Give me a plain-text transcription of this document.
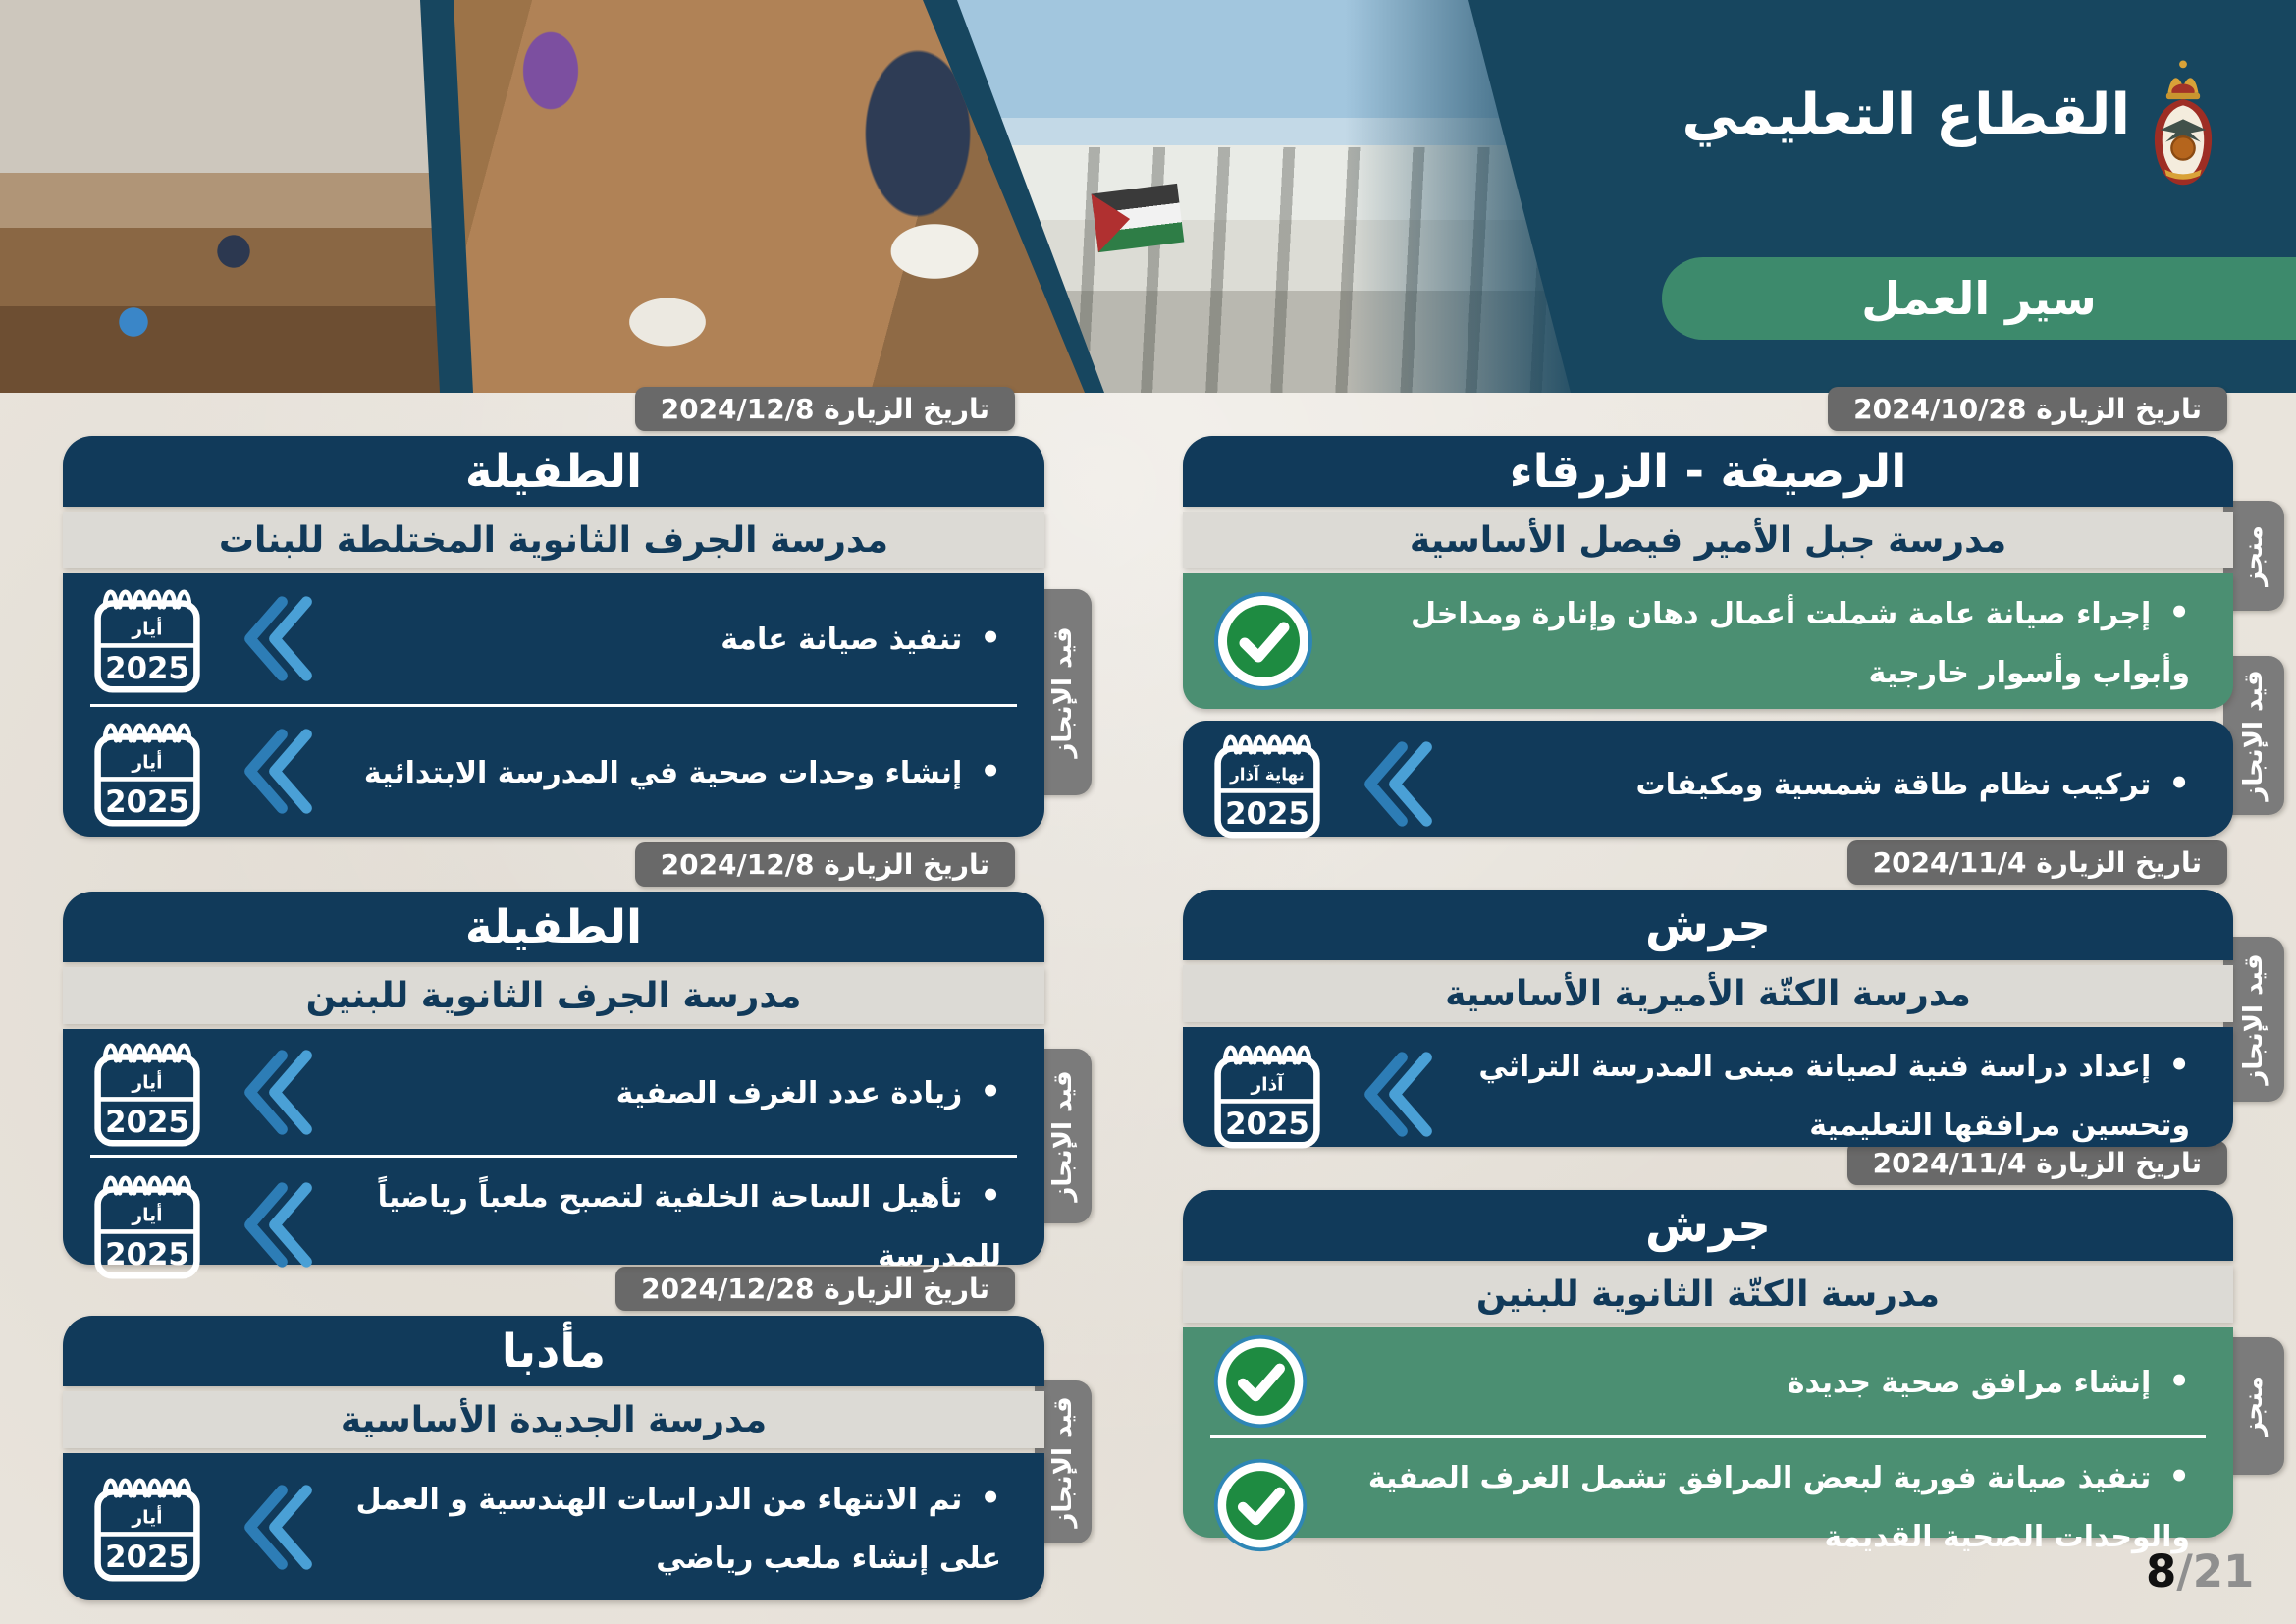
القطاع التعليمي
سير العمل
تاريخ الزيارة 2024/10/28
منجز
قيد الإنجاز
الرصيفة - الزرقاء
مدرسة جبل الأمير فيصل الأساسية
•إجراء صيانة عامة شملت أعمال دهان وإنارة ومداخل وأبواب وأسوار خارجية
•تركيب نظام طاقة شمسية ومكيفات
نهاية آذار
2025
تاريخ الزيارة 2024/11/4
قيد الإنجاز
جرش
مدرسة الكتّة الأميرية الأساسية
•إعداد دراسة فنية لصيانة مبنى المدرسة التراثي وتحسين مرافقها التعليمية
آذار
2025
تاريخ الزيارة 2024/11/4
منجز
جرش
مدرسة الكتّة الثانوية للبنين
•إنشاء مرافق صحية جديدة
•تنفيذ صيانة فورية لبعض المرافق تشمل الغرف الصفية والوحدات الصحية القديمة
تاريخ الزيارة 2024/12/8
قيد الإنجاز
الطفيلة
مدرسة الجرف الثانوية المختلطة للبنات
•تنفيذ صيانة عامة
أيار
2025
•إنشاء وحدات صحية في المدرسة الابتدائية
أيار
2025
تاريخ الزيارة 2024/12/8
قيد الإنجاز
الطفيلة
مدرسة الجرف الثانوية للبنين
•زيادة عدد الغرف الصفية
أيار
2025
•تأهيل الساحة الخلفية لتصبح ملعباً رياضياً للمدرسة
أيار
2025
تاريخ الزيارة 2024/12/28
قيد الإنجاز
مأدبا
مدرسة الجديدة الأساسية
•تم الانتهاء من الدراسات الهندسية و العمل على إنشاء ملعب رياضي
أيار
2025	8/21
